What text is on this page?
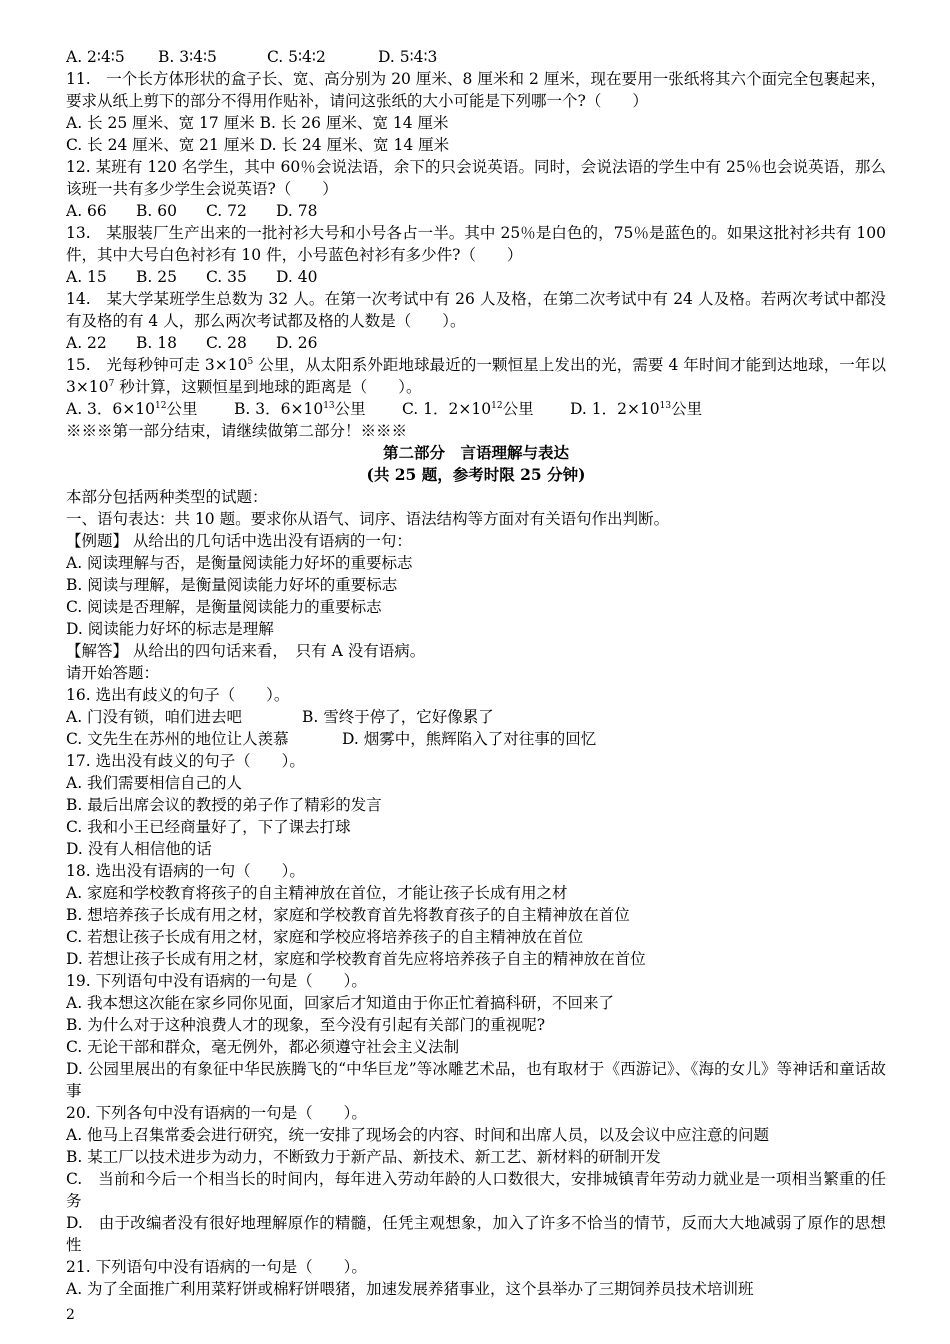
A. 2∶4∶5 B. 3∶4∶5	C. 5∶4∶2	D. 5∶4∶3
11.　一个长方体形状的盒子长、宽、高分别为 20 厘米、8 厘米和 2 厘米，现在要用一张纸将其六个面完全包裹起来，要求从纸上剪下的部分不得用作贴补，请问这张纸的大小可能是下列哪一个?（　　）
A. 长 25 厘米、宽 17 厘米 B. 长 26 厘米、宽 14 厘米
C. 长 24 厘米、宽 21 厘米 D. 长 24 厘米、宽 14 厘米
12. 某班有 120 名学生，其中 60％会说法语，余下的只会说英语。同时，会说法语的学生中有 25％也会说英语，那么该班一共有多少学生会说英语?（　　）
A. 66 B. 60 C. 72 D. 78
13.　某服装厂生产出来的一批衬衫大号和小号各占一半。其中 25％是白色的，75％是蓝色的。如果这批衬衫共有 100 件，其中大号白色衬衫有 10 件，小号蓝色衬衫有多少件?（　　）
A. 15 B. 25 C. 35 D. 40
14.　某大学某班学生总数为 32 人。在第一次考试中有 26 人及格，在第二次考试中有 24 人及格。若两次考试中都没有及格的有 4 人，那么两次考试都及格的人数是（　　）。
A. 22 B. 18 C. 28 D. 26
15.　光每秒钟可走 $3\times 10^5$ 公里，从太阳系外距地球最近的一颗恒星上发出的光，需要 4 年时间才能到达地球，一年以 $3\times 10^7$ 秒计算，这颗恒星到地球的距离是（　　）。
A. 3．$6\times 10^{12}$公里 B. 3．$6\times 10^{13}$公里 C. 1．$2\times 10^{12}$公里 D. 1．$2\times 10^{13}$公里
※※※第一部分结束，请继续做第二部分！※※※
第二部分　言语理解与表达
(共 25 题，参考时限 25 分钟)
本部分包括两种类型的试题：
一、语句表达：共 10 题。要求你从语气、词序、语法结构等方面对有关语句作出判断。
【例题】 从给出的几句话中选出没有语病的一句：
A. 阅读理解与否，是衡量阅读能力好坏的重要标志
B. 阅读与理解，是衡量阅读能力好坏的重要标志
C. 阅读是否理解，是衡量阅读能力的重要标志
D. 阅读能力好坏的标志是理解
【解答】 从给出的四句话来看，　只有 A 没有语病。
请开始答题：
16. 选出有歧义的句子（　　）。
A. 门没有锁，咱们进去吧	B. 雪终于停了，它好像累了
C. 文先生在苏州的地位让人羡慕	D. 烟雾中，熊辉陷入了对往事的回忆
17. 选出没有歧义的句子（　　）。
A. 我们需要相信自己的人
B. 最后出席会议的教授的弟子作了精彩的发言
C. 我和小王已经商量好了，下了课去打球
D. 没有人相信他的话
18. 选出没有语病的一句（　　）。
A. 家庭和学校教育将孩子的自主精神放在首位，才能让孩子长成有用之材
B. 想培养孩子长成有用之材，家庭和学校教育首先将教育孩子的自主精神放在首位
C. 若想让孩子长成有用之材，家庭和学校应将培养孩子的自主精神放在首位
D. 若想让孩子长成有用之材，家庭和学校教育首先应将培养孩子自主的精神放在首位
19. 下列语句中没有语病的一句是（　　）。
A. 我本想这次能在家乡同你见面，回家后才知道由于你正忙着搞科研，不回来了
B. 为什么对于这种浪费人才的现象，至今没有引起有关部门的重视呢?
C. 无论干部和群众，毫无例外，都必须遵守社会主义法制
D. 公园里展出的有象征中华民族腾飞的“中华巨龙”等冰雕艺术品，也有取材于《西游记》、《海的女儿》等神话和童话故事
20. 下列各句中没有语病的一句是（　　）。
A. 他马上召集常委会进行研究，统一安排了现场会的内容、时间和出席人员，以及会议中应注意的问题
B. 某工厂以技术进步为动力，不断致力于新产品、新技术、新工艺、新材料的研制开发
C.　当前和今后一个相当长的时间内，每年进入劳动年龄的人口数很大，安排城镇青年劳动力就业是一项相当繁重的任务
D.　由于改编者没有很好地理解原作的精髓，任凭主观想象，加入了许多不恰当的情节，反而大大地减弱了原作的思想性
21. 下列语句中没有语病的一句是（　　）。
A. 为了全面推广利用菜籽饼或棉籽饼喂猪，加速发展养猪事业，这个县举办了三期饲养员技术培训班
2
